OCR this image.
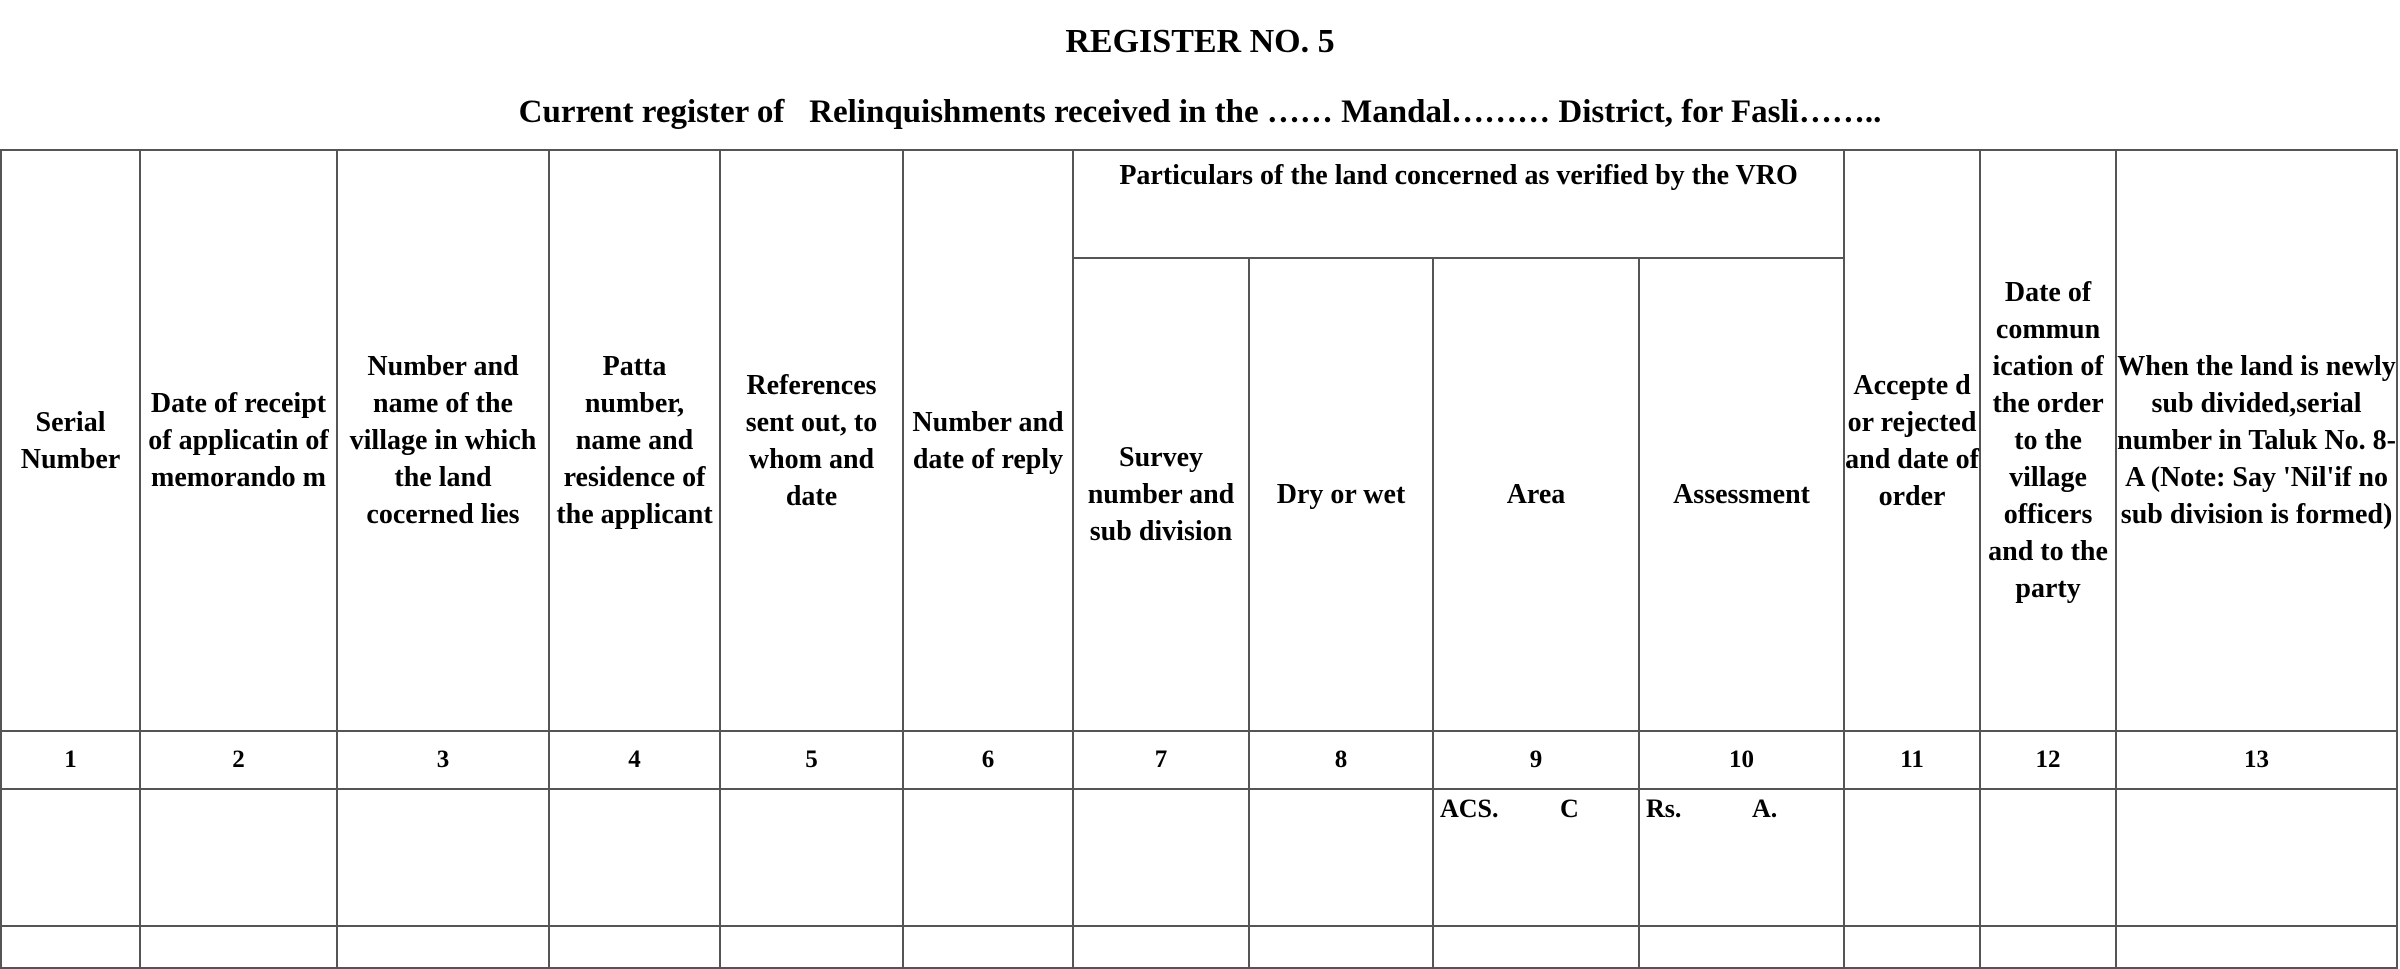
REGISTER NO. 5
Current register of   Relinquishments received in the …… Mandal……… District, for Fasli……..
Serial Number	Date of receipt of applicatin of memorando m	Number and name of the village in which the land cocerned lies	Patta number, name and residence of the applicant	References sent out, to whom and date	Number and date of reply	Particulars of the land concerned as verified by the VRO				Accepte d or rejected and date of order	Date of commun ication of the order to the village officers and to the party	When the land is newly sub divided,serial number in Taluk No. 8-A (Note: Say 'Nil'if no sub division is formed)
						Survey number and sub division	Dry or wet	Area	Assessment			
1	2	3	4	5	6	7	8	9	10	11	12	13

								ACS. C	Rs. A.			
